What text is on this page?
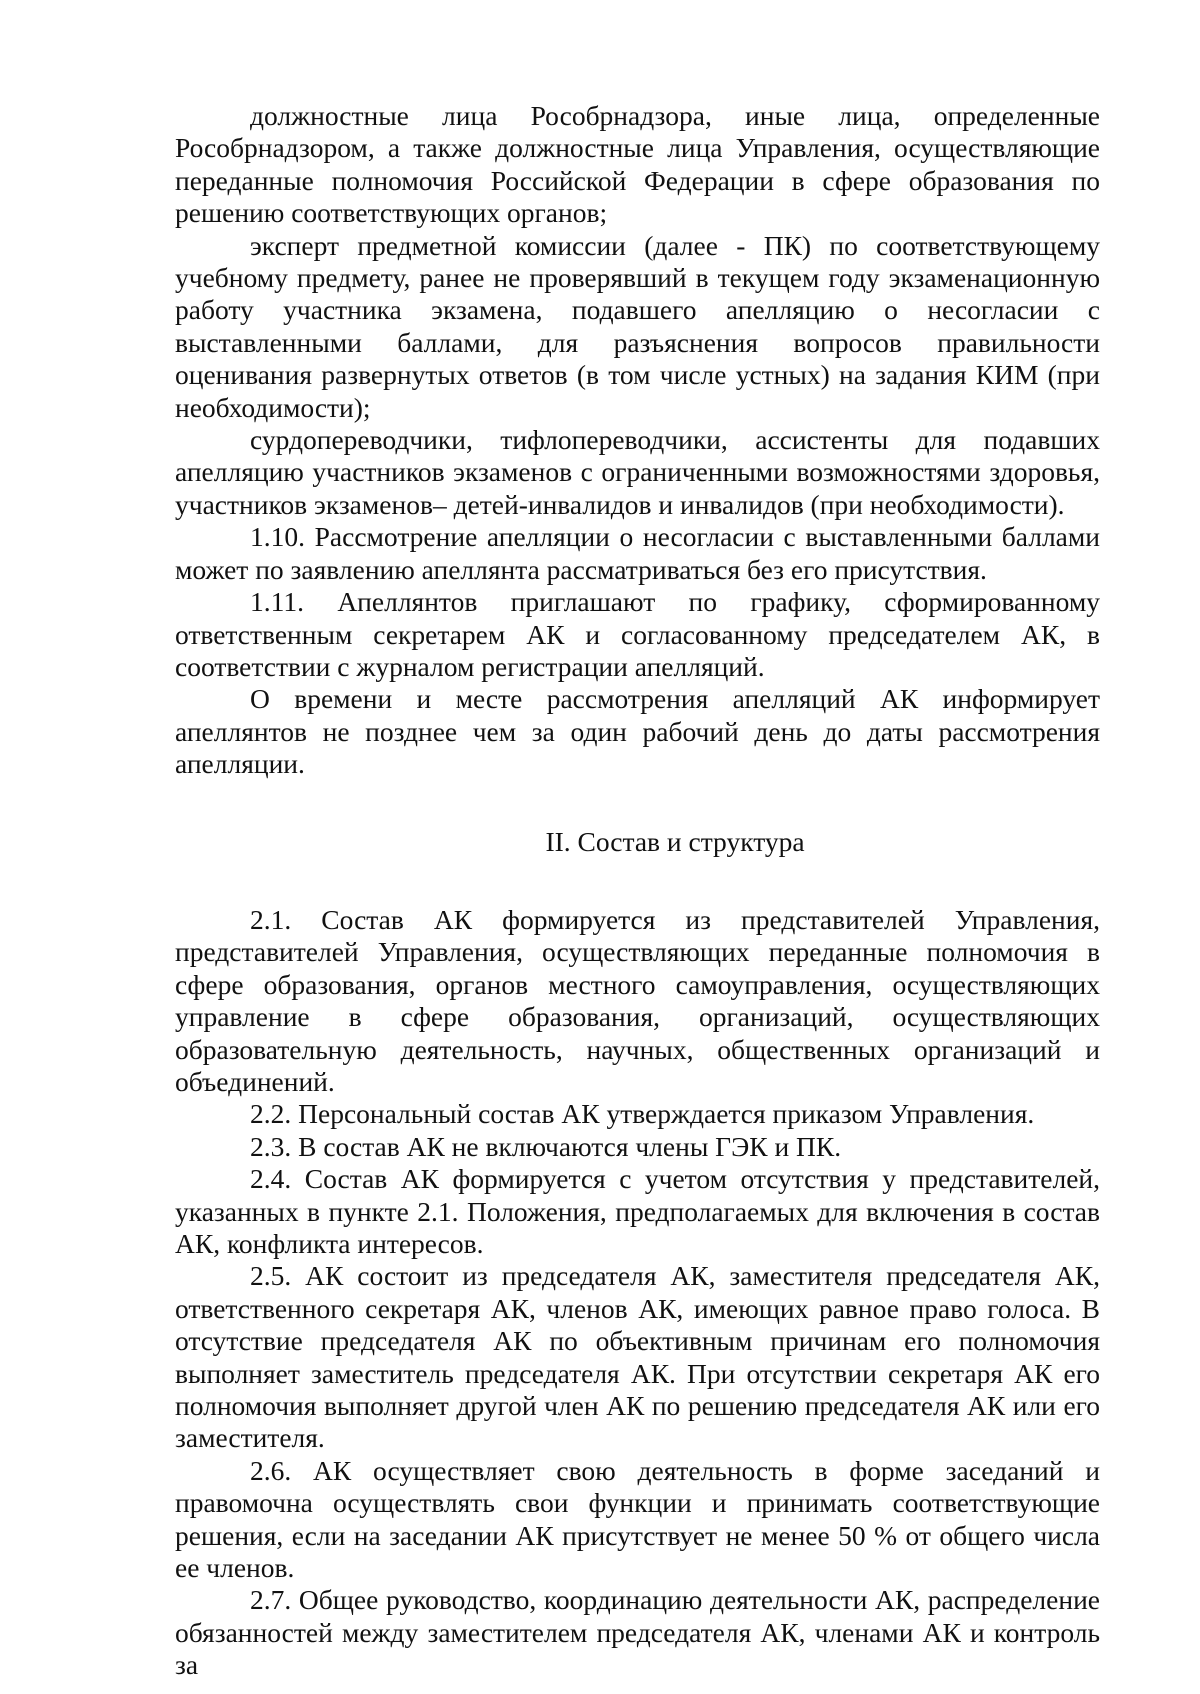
должностные лица Рособрнадзора, иные лица, определенные Рособрнадзором, а также должностные лица Управления, осуществляющие переданные полномочия Российской Федерации в сфере образования по решению соответствующих органов;

эксперт предметной комиссии (далее - ПК) по соответствующему учебному предмету, ранее не проверявший в текущем году экзаменационную работу участника экзамена, подавшего апелляцию о несогласии с выставленными баллами, для разъяснения вопросов правильности оценивания развернутых ответов (в том числе устных) на задания КИМ (при необходимости);

сурдопереводчики, тифлопереводчики, ассистенты для подавших апелляцию участников экзаменов с ограниченными возможностями здоровья, участников экзаменов– детей-инвалидов и инвалидов (при необходимости).

1.10. Рассмотрение апелляции о несогласии с выставленными баллами может по заявлению апеллянта рассматриваться без его присутствия.

1.11. Апеллянтов приглашают по графику, сформированному ответственным секретарем АК и согласованному председателем АК, в соответствии с журналом регистрации апелляций.

О времени и месте рассмотрения апелляций АК информирует апеллянтов не позднее чем за один рабочий день до даты рассмотрения апелляции.

II. Состав и структура

2.1. Состав АК формируется из представителей Управления, представителей Управления, осуществляющих переданные полномочия в сфере образования, органов местного самоуправления, осуществляющих управление в сфере образования, организаций, осуществляющих образовательную деятельность, научных, общественных организаций и объединений.

2.2. Персональный состав АК утверждается приказом Управления.

2.3. В состав АК не включаются члены ГЭК и ПК.

2.4. Состав АК формируется с учетом отсутствия у представителей, указанных в пункте 2.1. Положения, предполагаемых для включения в состав АК, конфликта интересов.

2.5. АК состоит из председателя АК, заместителя председателя АК, ответственного секретаря АК, членов АК, имеющих равное право голоса. В отсутствие председателя АК по объективным причинам его полномочия выполняет заместитель председателя АК. При отсутствии секретаря АК его полномочия выполняет другой член АК по решению председателя АК или его заместителя.

2.6. АК осуществляет свою деятельность в форме заседаний и правомочна осуществлять свои функции и принимать соответствующие решения, если на заседании АК присутствует не менее 50 % от общего числа ее членов.

2.7. Общее руководство, координацию деятельности АК, распределение обязанностей между заместителем председателя АК, членами АК и контроль за
